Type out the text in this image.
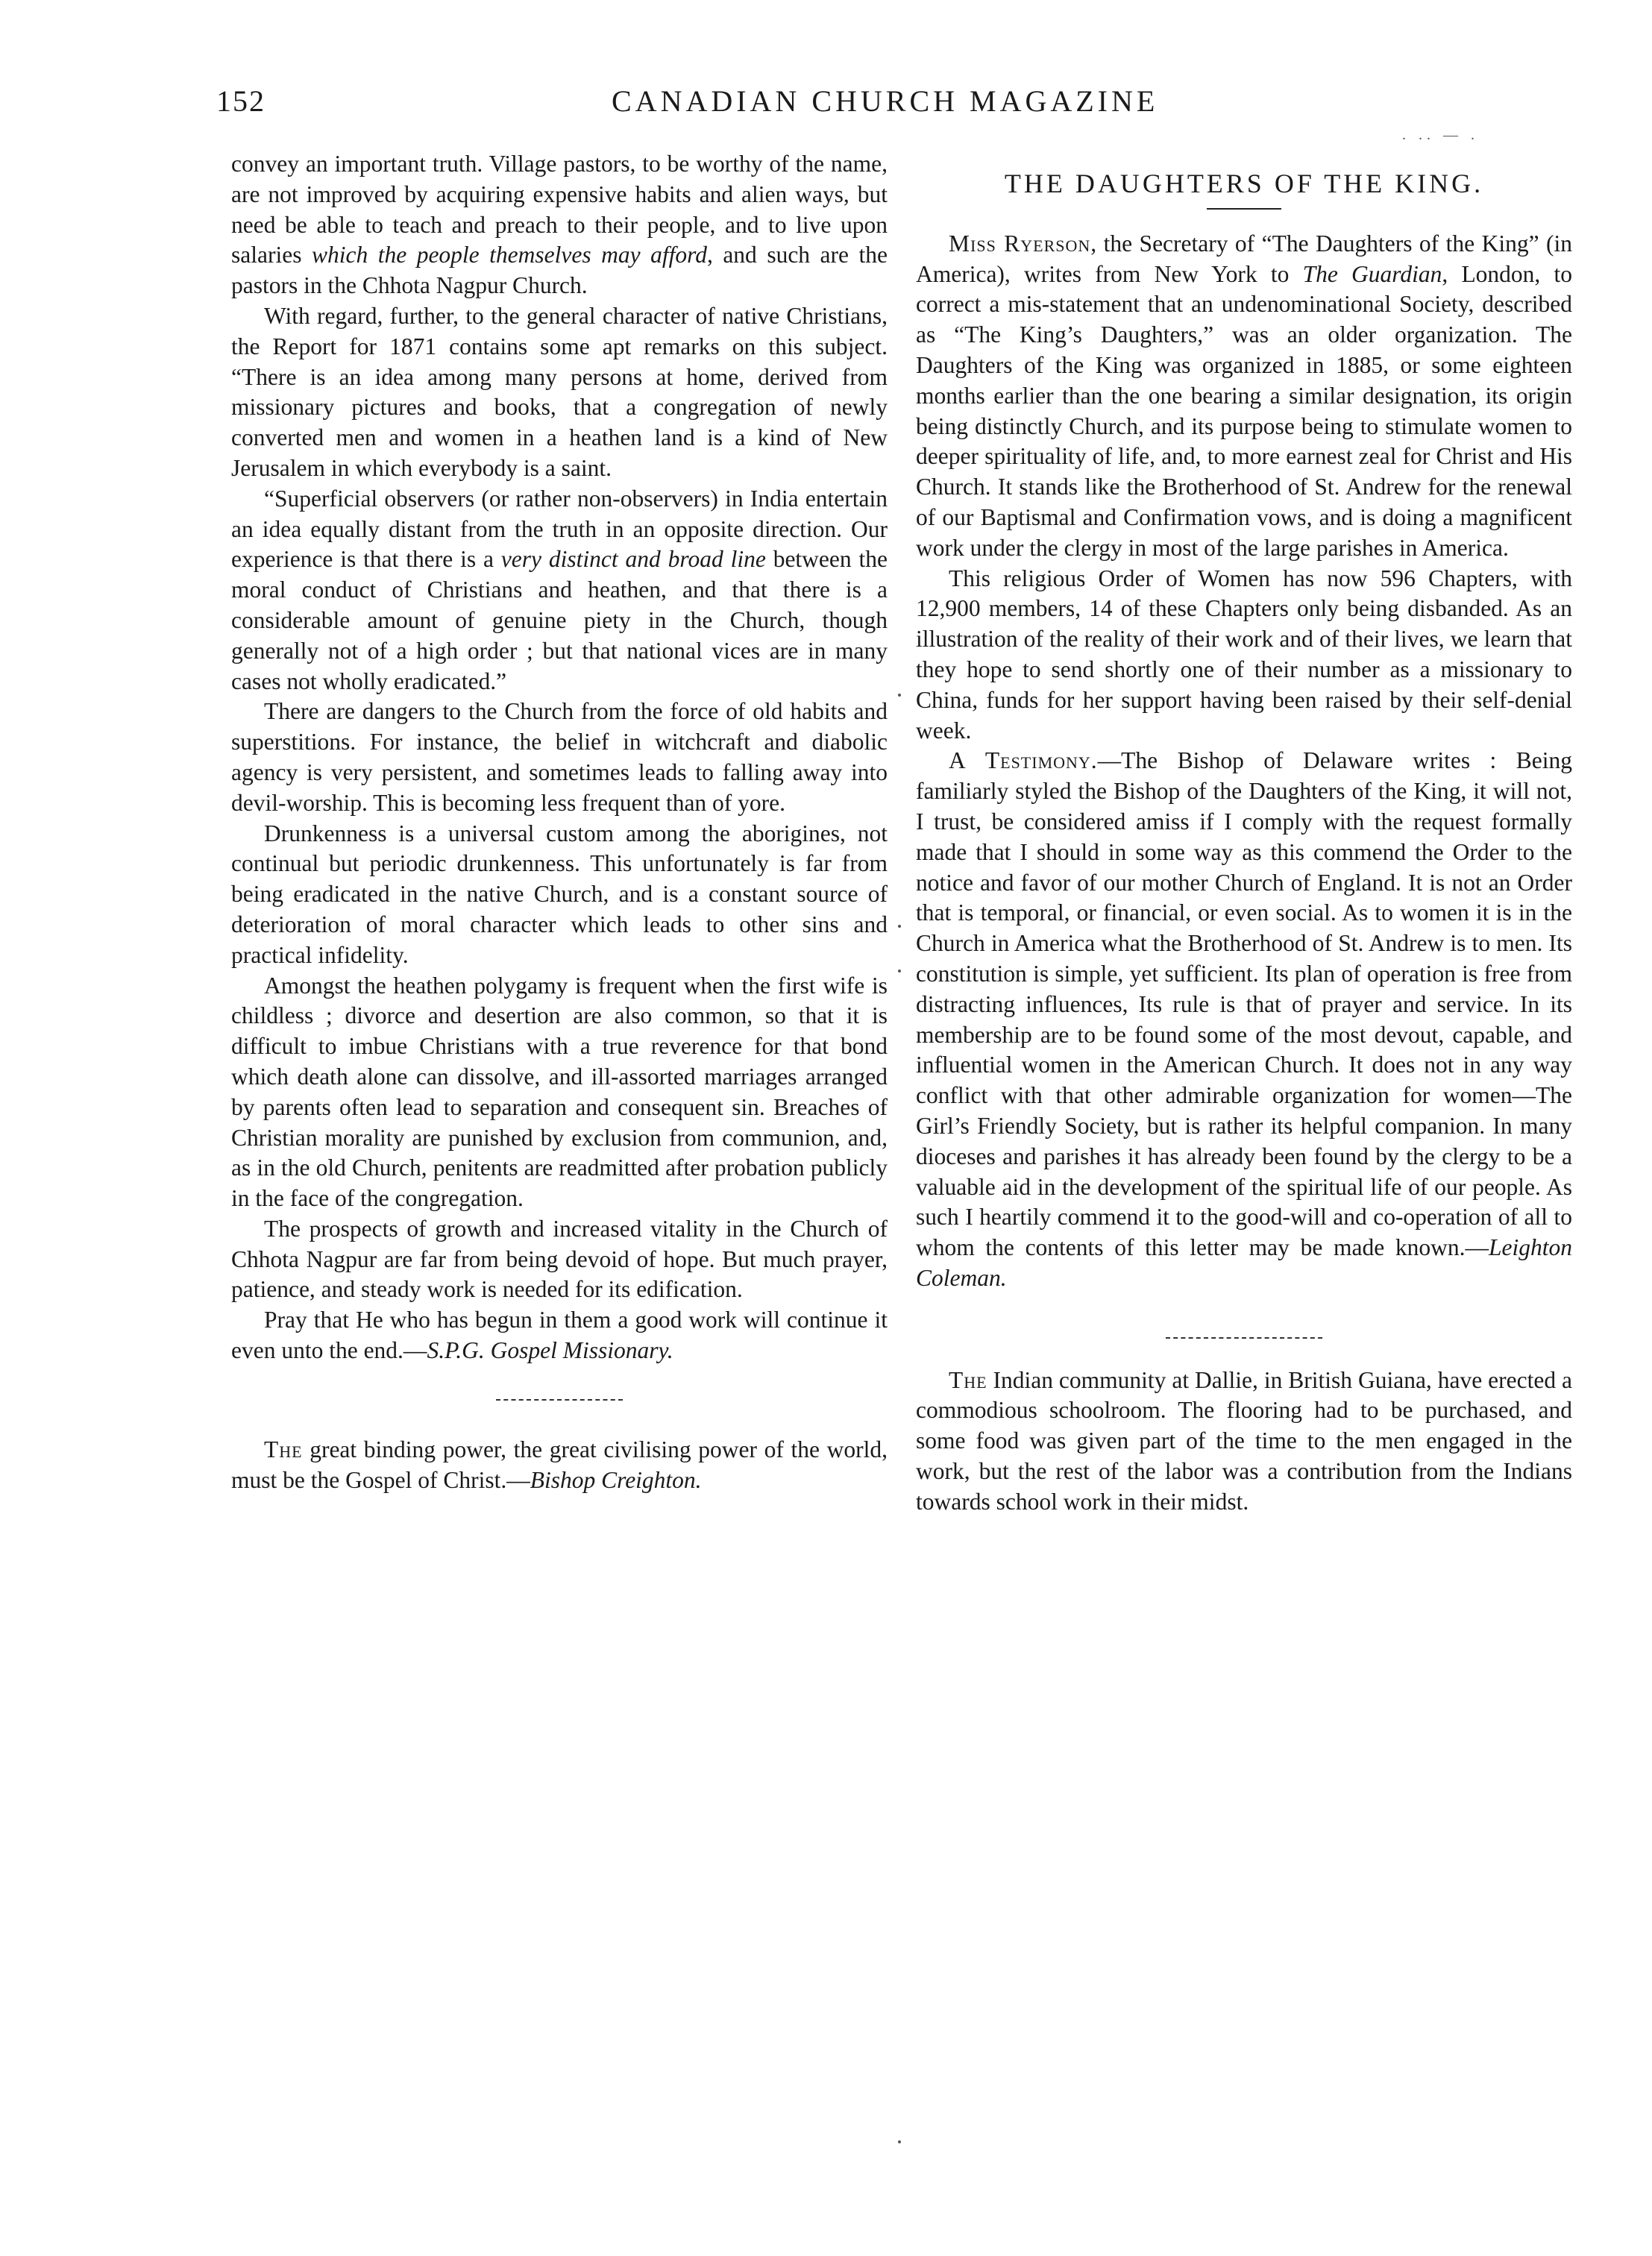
152	CANADIAN CHURCH MAGAZINE
. .. — .

convey an important truth. Village pastors, to be worthy of the name, are not improved by acquiring expensive habits and alien ways, but need be able to teach and preach to their people, and to live upon salaries which the people themselves may afford, and such are the pastors in the Chhota Nagpur Church.

With regard, further, to the general character of native Christians, the Report for 1871 contains some apt remarks on this subject. “There is an idea among many persons at home, derived from missionary pictures and books, that a congregation of newly converted men and women in a heathen land is a kind of New Jerusalem in which everybody is a saint.

“Superficial observers (or rather non-observers) in India entertain an idea equally distant from the truth in an opposite direction. Our experience is that there is a very distinct and broad line between the moral conduct of Christians and heathen, and that there is a considerable amount of genuine piety in the Church, though generally not of a high order ; but that national vices are in many cases not wholly eradicated.”

There are dangers to the Church from the force of old habits and superstitions. For instance, the belief in witchcraft and diabolic agency is very persistent, and sometimes leads to falling away into devil-worship. This is becoming less frequent than of yore.

Drunkenness is a universal custom among the aborigines, not continual but periodic drunkenness. This unfortunately is far from being eradicated in the native Church, and is a constant source of deterioration of moral character which leads to other sins and practical infidelity.

Amongst the heathen polygamy is frequent when the first wife is childless ; divorce and desertion are also common, so that it is difficult to imbue Christians with a true reverence for that bond which death alone can dissolve, and ill-assorted marriages arranged by parents often lead to separation and consequent sin. Breaches of Christian morality are punished by exclusion from communion, and, as in the old Church, penitents are readmitted after probation publicly in the face of the congregation.

The prospects of growth and increased vitality in the Church of Chhota Nagpur are far from being devoid of hope. But much prayer, patience, and steady work is needed for its edification.

Pray that He who has begun in them a good work will continue it even unto the end.—S.P.G. Gospel Missionary.

The great binding power, the great civilising power of the world, must be the Gospel of Christ.—Bishop Creighton.

THE DAUGHTERS OF THE KING.

Miss Ryerson, the Secretary of “The Daughters of the King” (in America), writes from New York to The Guardian, London, to correct a mis-statement that an undenominational Society, described as “The King’s Daughters,” was an older organization. The Daughters of the King was organized in 1885, or some eighteen months earlier than the one bearing a similar designation, its origin being distinctly Church, and its purpose being to stimulate women to deeper spirituality of life, and, to more earnest zeal for Christ and His Church. It stands like the Brotherhood of St. Andrew for the renewal of our Baptismal and Confirmation vows, and is doing a magnificent work under the clergy in most of the large parishes in America.

This religious Order of Women has now 596 Chapters, with 12,900 members, 14 of these Chapters only being disbanded. As an illustration of the reality of their work and of their lives, we learn that they hope to send shortly one of their number as a missionary to China, funds for her support having been raised by their self-denial week.

A Testimony.—The Bishop of Delaware writes : Being familiarly styled the Bishop of the Daughters of the King, it will not, I trust, be considered amiss if I comply with the request formally made that I should in some way as this commend the Order to the notice and favor of our mother Church of England. It is not an Order that is temporal, or financial, or even social. As to women it is in the Church in America what the Brotherhood of St. Andrew is to men. Its constitution is simple, yet sufficient. Its plan of operation is free from distracting influences, Its rule is that of prayer and service. In its membership are to be found some of the most devout, capable, and influential women in the American Church. It does not in any way conflict with that other admirable organization for women—The Girl’s Friendly Society, but is rather its helpful companion. In many dioceses and parishes it has already been found by the clergy to be a valuable aid in the development of the spiritual life of our people. As such I heartily commend it to the good-will and co-operation of all to whom the contents of this letter may be made known.—Leighton Coleman.

The Indian community at Dallie, in British Guiana, have erected a commodious schoolroom. The flooring had to be purchased, and some food was given part of the time to the men engaged in the work, but the rest of the labor was a contribution from the Indians towards school work in their midst.
